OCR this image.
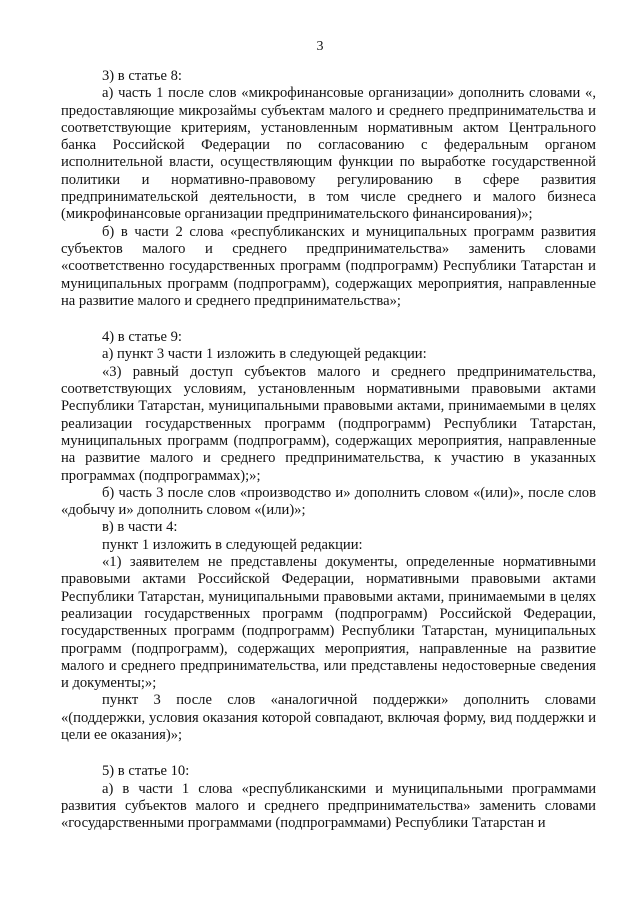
3

3) в статье 8:

а) часть 1 после слов «микрофинансовые организации» дополнить словами «, предоставляющие микрозаймы субъектам малого и среднего предпринимательства и соответствующие критериям, установленным нормативным актом Центрального банка Российской Федерации по согласованию с федеральным органом исполнительной власти, осуществляющим функции по выработке государственной политики и нормативно-правовому регулированию в сфере развития предпринимательской деятельности, в том числе среднего и малого бизнеса (микрофинансовые организации предпринимательского финансирования)»;

б) в части 2 слова «республиканских и муниципальных программ развития субъектов малого и среднего предпринимательства» заменить словами «соответственно государственных программ (подпрограмм) Республики Татарстан и муниципальных программ (подпрограмм), содержащих мероприятия, направленные на развитие малого и среднего предпринимательства»;

4) в статье 9:

а) пункт 3 части 1 изложить в следующей редакции:

«3) равный доступ субъектов малого и среднего предпринимательства, соответствующих условиям, установленным нормативными правовыми актами Республики Татарстан, муниципальными правовыми актами, принимаемыми в целях реализации государственных программ (подпрограмм) Республики Татарстан, муниципальных программ (подпрограмм), содержащих мероприятия, направленные на развитие малого и среднего предпринимательства, к участию в указанных программах (подпрограммах);»;

б) часть 3 после слов «производство и» дополнить словом «(или)», после слов «добычу и» дополнить словом «(или)»;

в) в части 4:

пункт 1 изложить в следующей редакции:

«1) заявителем не представлены документы, определенные нормативными правовыми актами Российской Федерации, нормативными правовыми актами Республики Татарстан, муниципальными правовыми актами, принимаемыми в целях реализации государственных программ (подпрограмм) Российской Федерации, государственных программ (подпрограмм) Республики Татарстан, муниципальных программ (подпрограмм), содержащих мероприятия, направленные на развитие малого и среднего предпринимательства, или представлены недостоверные сведения и документы;»;

пункт 3 после слов «аналогичной поддержки» дополнить словами «(поддержки, условия оказания которой совпадают, включая форму, вид поддержки и цели ее оказания)»;

5) в статье 10:

а) в части 1 слова «республиканскими и муниципальными программами развития субъектов малого и среднего предпринимательства» заменить словами «государственными программами (подпрограммами) Республики Татарстан и
